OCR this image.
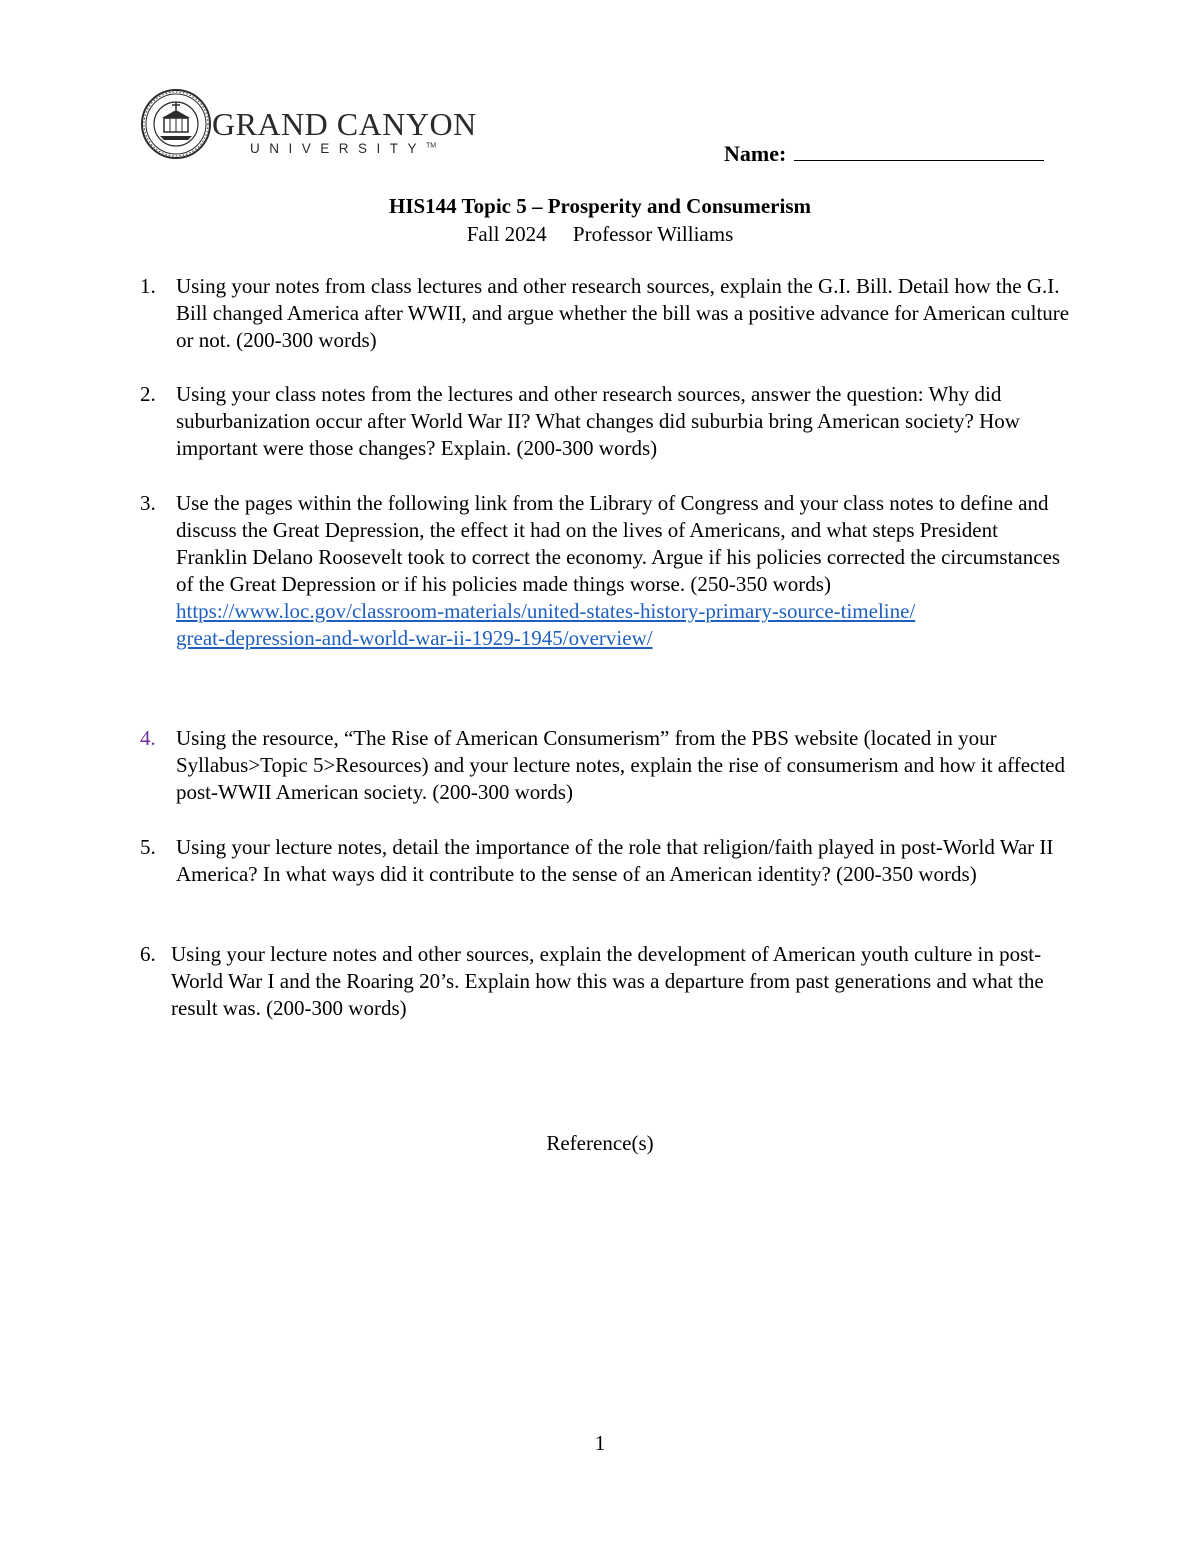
GRAND CANYON
UNIVERSITY™	Name:
HIS144 Topic 5 – Prosperity and Consumerism
Fall 2024     Professor Williams
1. Using your notes from class lectures and other research sources, explain the G.I. Bill. Detail how the G.I. Bill changed America after WWII, and argue whether the bill was a positive advance for American culture or not. (200-300 words)
2. Using your class notes from the lectures and other research sources, answer the question: Why did suburbanization occur after World War II? What changes did suburbia bring American society? How important were those changes? Explain. (200-300 words)
3. Use the pages within the following link from the Library of Congress and your class notes to define and discuss the Great Depression, the effect it had on the lives of Americans, and what steps President Franklin Delano Roosevelt took to correct the economy. Argue if his policies corrected the circumstances of the Great Depression or if his policies made things worse. (250-350 words)
https://www.loc.gov/classroom-materials/united-states-history-primary-source-timeline/
great-depression-and-world-war-ii-1929-1945/overview/
4. Using the resource, “The Rise of American Consumerism” from the PBS website (located in your Syllabus>Topic 5>Resources) and your lecture notes, explain the rise of consumerism and how it affected post-WWII American society. (200-300 words)
5. Using your lecture notes, detail the importance of the role that religion/faith played in post-World War II America? In what ways did it contribute to the sense of an American identity? (200-350 words)
6. Using your lecture notes and other sources, explain the development of American youth culture in post-World War I and the Roaring 20’s. Explain how this was a departure from past generations and what the result was. (200-300 words)
Reference(s)
1
